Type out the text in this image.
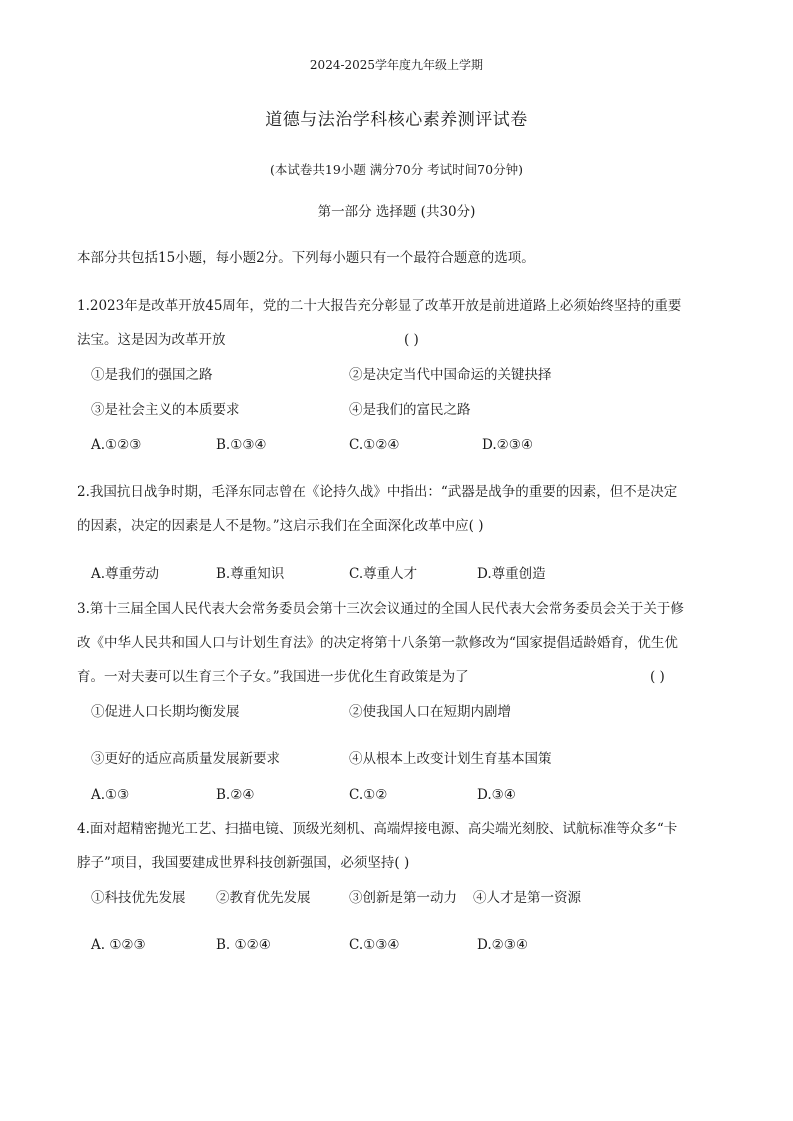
2024-2025学年度九年级上学期
道德与法治学科核心素养测评试卷
(本试卷共19小题 满分70分 考试时间70分钟)
第一部分 选择题 (共30分)
本部分共包括15小题，每小题2分。下列每小题只有一个最符合题意的选项。
1.2023年是改革开放45周年，党的二十大报告充分彰显了改革开放是前进道路上必须始终坚持的重要
法宝。这是因为改革开放	( )
①是我们的强国之路	②是决定当代中国命运的关键抉择
③是社会主义的本质要求	④是我们的富民之路
A.①②③	B.①③④	C.①②④	D.②③④
2.我国抗日战争时期，毛泽东同志曾在《论持久战》中指出：“武器是战争的重要的因素，但不是决定
的因素，决定的因素是人不是物。”这启示我们在全面深化改革中应( )
A.尊重劳动	B.尊重知识	C.尊重人才	D.尊重创造
3.第十三届全国人民代表大会常务委员会第十三次会议通过的全国人民代表大会常务委员会关于关于修
改《中华人民共和国人口与计划生育法》的决定将第十八条第一款修改为“国家提倡适龄婚育，优生优
育。一对夫妻可以生育三个子女。”我国进一步优化生育政策是为了	( )
①促进人口长期均衡发展	②使我国人口在短期内剧增
③更好的适应高质量发展新要求	④从根本上改变计划生育基本国策
A.①③	B.②④	C.①②	D.③④
4.面对超精密抛光工艺、扫描电镜、顶级光刻机、高端焊接电源、高尖端光刻胶、试航标准等众多“卡
脖子”项目，我国要建成世界科技创新强国，必须坚持( )
①科技优先发展 ②教育优先发展	③创新是第一动力 ④人才是第一资源
A. ①②③	B. ①②④	C.①③④	D.②③④
